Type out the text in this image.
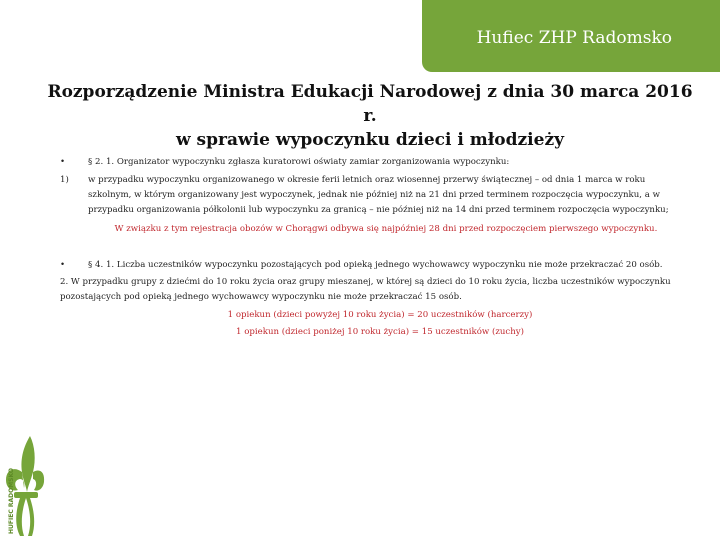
Hufiec ZHP Radomsko
Rozporządzenie Ministra Edukacji Narodowej z dnia 30 marca 2016 r.
w sprawie wypoczynku dzieci i młodzieży
•	§ 2. 1. Organizator wypoczynku zgłasza kuratorowi oświaty zamiar zorganizowania wypoczynku:
1) w przypadku wypoczynku organizowanego w okresie ferii letnich oraz wiosennej przerwy świątecznej – od dnia 1 marca w roku
szkolnym, w którym organizowany jest wypoczynek, jednak nie później niż na 21 dni przed terminem rozpoczęcia wypoczynku, a w
przypadku organizowania półkolonii lub wypoczynku za granicą – nie później niż na 14 dni przed terminem rozpoczęcia wypoczynku;
W związku z tym rejestracja obozów w Chorągwi odbywa się najpóźniej 28 dni przed rozpoczęciem pierwszego wypoczynku.
•	§ 4. 1. Liczba uczestników wypoczynku pozostających pod opieką jednego wychowawcy wypoczynku nie może przekraczać 20 osób.
2. W przypadku grupy z dziećmi do 10 roku życia oraz grupy mieszanej, w której są dzieci do 10 roku życia, liczba uczestników wypoczynku
pozostających pod opieką jednego wychowawcy wypoczynku nie może przekraczać 15 osób.
1 opiekun (dzieci powyżej 10 roku życia) = 20 uczestników (harcerzy)
1 opiekun (dzieci poniżej 10 roku życia) = 15 uczestników (zuchy)
HUFIEC RADOMSKO
